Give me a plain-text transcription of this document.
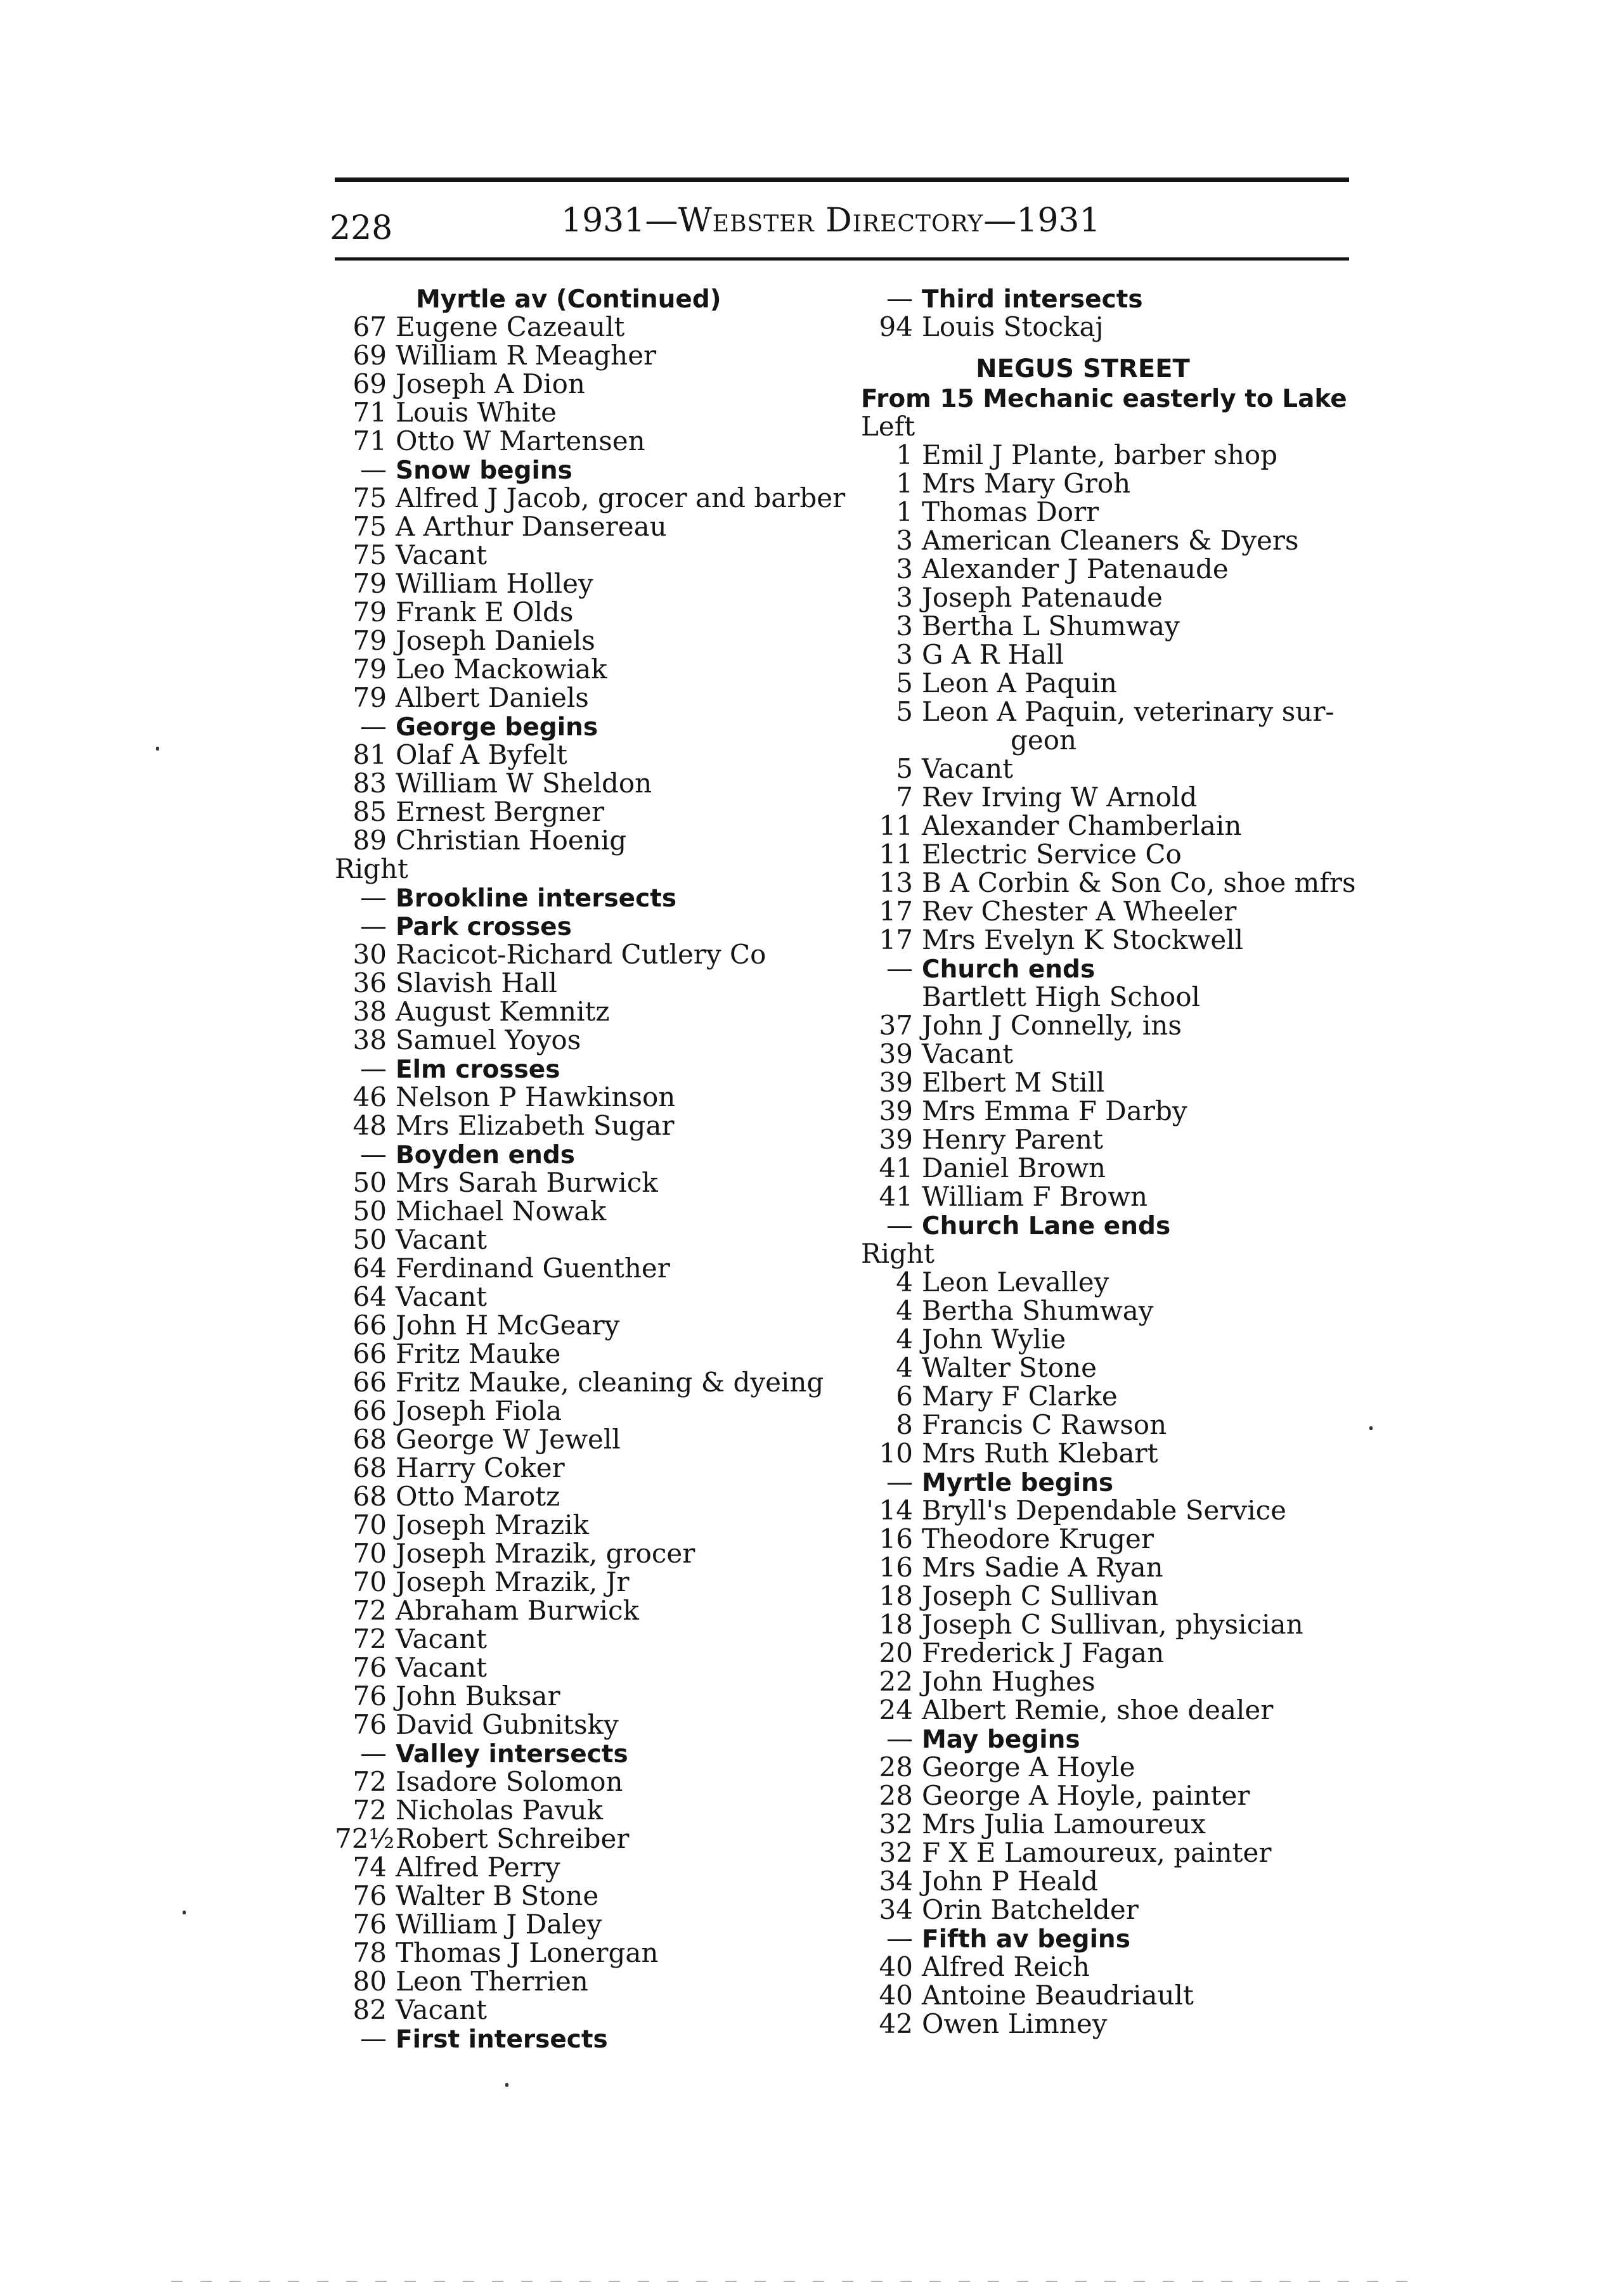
228	1931—Webster Directory—1931
Myrtle av (Continued)
67 Eugene Cazeault
69 William R Meagher
69 Joseph A Dion
71 Louis White
71 Otto W Martensen
— Snow begins
75 Alfred J Jacob, grocer and barber
75 A Arthur Dansereau
75 Vacant
79 William Holley
79 Frank E Olds
79 Joseph Daniels
79 Leo Mackowiak
79 Albert Daniels
— George begins
81 Olaf A Byfelt
83 William W Sheldon
85 Ernest Bergner
89 Christian Hoenig
Right
— Brookline intersects
— Park crosses
30 Racicot-Richard Cutlery Co
36 Slavish Hall
38 August Kemnitz
38 Samuel Yoyos
— Elm crosses
46 Nelson P Hawkinson
48 Mrs Elizabeth Sugar
— Boyden ends
50 Mrs Sarah Burwick
50 Michael Nowak
50 Vacant
64 Ferdinand Guenther
64 Vacant
66 John H McGeary
66 Fritz Mauke
66 Fritz Mauke, cleaning & dyeing
66 Joseph Fiola
68 George W Jewell
68 Harry Coker
68 Otto Marotz
70 Joseph Mrazik
70 Joseph Mrazik, grocer
70 Joseph Mrazik, Jr
72 Abraham Burwick
72 Vacant
76 Vacant
76 John Buksar
76 David Gubnitsky
— Valley intersects
72 Isadore Solomon
72 Nicholas Pavuk
72½Robert Schreiber
74 Alfred Perry
76 Walter B Stone
76 William J Daley
78 Thomas J Lonergan
80 Leon Therrien
82 Vacant
— First intersects
— Third intersects
94 Louis Stockaj
NEGUS STREET
From 15 Mechanic easterly to Lake
Left
1 Emil J Plante, barber shop
1 Mrs Mary Groh
1 Thomas Dorr
3 American Cleaners & Dyers
3 Alexander J Patenaude
3 Joseph Patenaude
3 Bertha L Shumway
3 G A R Hall
5 Leon A Paquin
5 Leon A Paquin, veterinary sur-
geon
5 Vacant
7 Rev Irving W Arnold
11 Alexander Chamberlain
11 Electric Service Co
13 B A Corbin & Son Co, shoe mfrs
17 Rev Chester A Wheeler
17 Mrs Evelyn K Stockwell
— Church ends
Bartlett High School
37 John J Connelly, ins
39 Vacant
39 Elbert M Still
39 Mrs Emma F Darby
39 Henry Parent
41 Daniel Brown
41 William F Brown
— Church Lane ends
Right
4 Leon Levalley
4 Bertha Shumway
4 John Wylie
4 Walter Stone
6 Mary F Clarke
8 Francis C Rawson
10 Mrs Ruth Klebart
— Myrtle begins
14 Bryll's Dependable Service
16 Theodore Kruger
16 Mrs Sadie A Ryan
18 Joseph C Sullivan
18 Joseph C Sullivan, physician
20 Frederick J Fagan
22 John Hughes
24 Albert Remie, shoe dealer
— May begins
28 George A Hoyle
28 George A Hoyle, painter
32 Mrs Julia Lamoureux
32 F X E Lamoureux, painter
34 John P Heald
34 Orin Batchelder
— Fifth av begins
40 Alfred Reich
40 Antoine Beaudriault
42 Owen Limney
